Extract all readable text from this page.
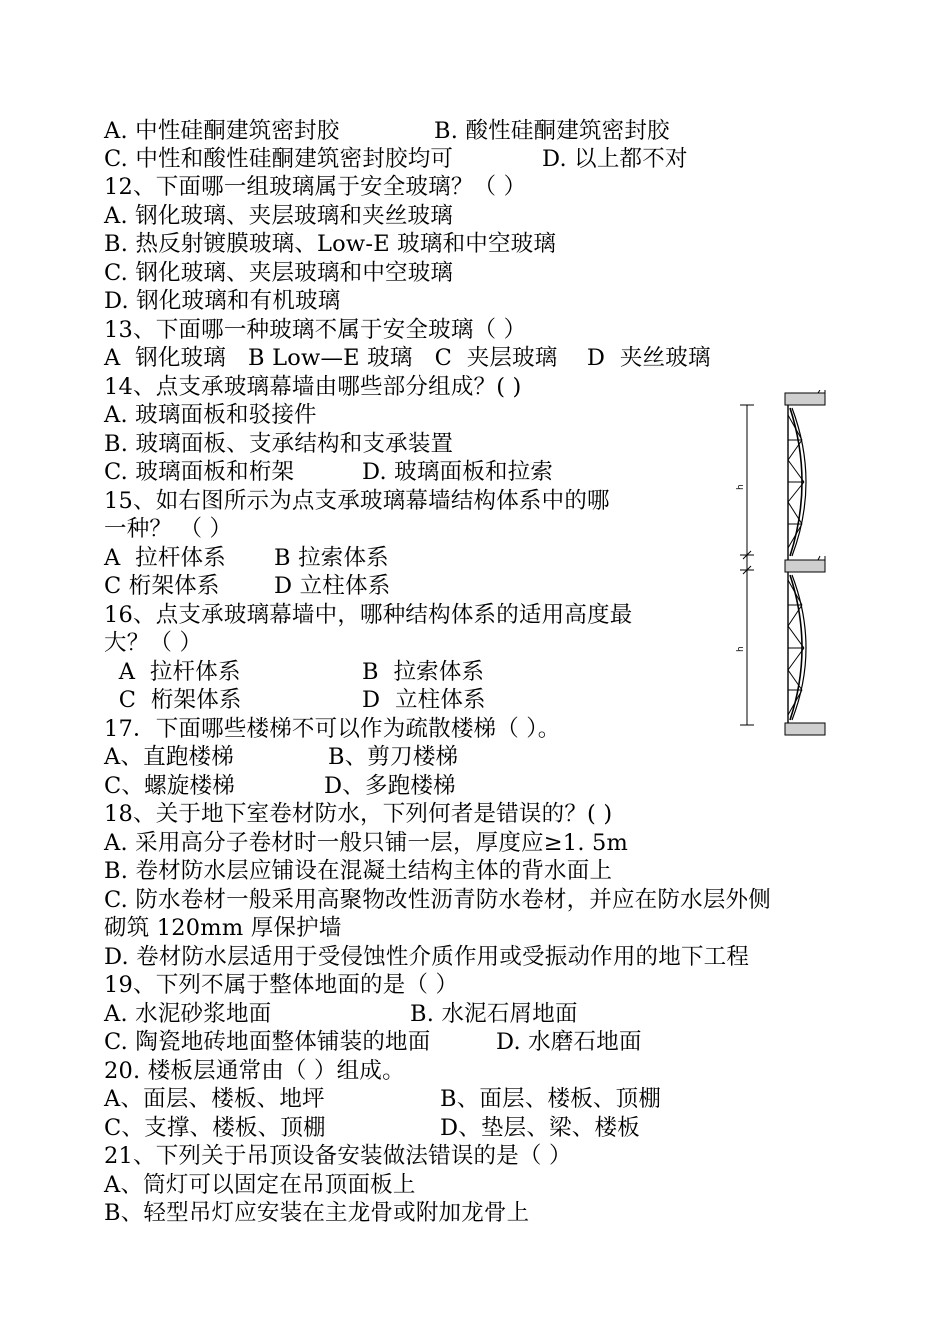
A. 中性硅酮建筑密封胶	B. 酸性硅酮建筑密封胶
C. 中性和酸性硅酮建筑密封胶均可	D. 以上都不对
12、下面哪一组玻璃属于安全玻璃？（ ）
A. 钢化玻璃、夹层玻璃和夹丝玻璃
B. 热反射镀膜玻璃、Low-E 玻璃和中空玻璃
C. 钢化玻璃、夹层玻璃和中空玻璃
D. 钢化玻璃和有机玻璃
13、下面哪一种玻璃不属于安全玻璃（ ）
A  钢化玻璃   B Low—E 玻璃   C  夹层玻璃    D  夹丝玻璃
14、点支承玻璃幕墙由哪些部分组成？( )
A. 玻璃面板和驳接件
B. 玻璃面板、支承结构和支承装置
C. 玻璃面板和桁架	D. 玻璃面板和拉索
15、如右图所示为点支承玻璃幕墙结构体系中的哪
一种？ （ ）
A  拉杆体系 B 拉索体系
C 桁架体系 D 立柱体系
16、点支承玻璃幕墙中，哪种结构体系的适用高度最
大？（ ）
A  拉杆体系	B  拉索体系
C  桁架体系	D  立柱体系
17．下面哪些楼梯不可以作为疏散楼梯（ ）。
A、直跑楼梯	B、剪刀楼梯
C、螺旋楼梯	D、多跑楼梯
18、关于地下室卷材防水，下列何者是错误的？( )
A. 采用高分子卷材时一般只铺一层，厚度应≥1. 5m
B. 卷材防水层应铺设在混凝土结构主体的背水面上
C. 防水卷材一般采用高聚物改性沥青防水卷材，并应在防水层外侧
砌筑 120mm 厚保护墙
D. 卷材防水层适用于受侵蚀性介质作用或受振动作用的地下工程
19、下列不属于整体地面的是（ ）
A. 水泥砂浆地面	B. 水泥石屑地面
C. 陶瓷地砖地面整体铺装的地面	D. 水磨石地面
20. 楼板层通常由（ ）组成。
A、面层、楼板、地坪	B、面层、楼板、顶棚
C、支撑、楼板、顶棚	D、垫层、梁、楼板
21、下列关于吊顶设备安装做法错误的是（ ）
A、筒灯可以固定在吊顶面板上
B、轻型吊灯应安装在主龙骨或附加龙骨上
h
h
